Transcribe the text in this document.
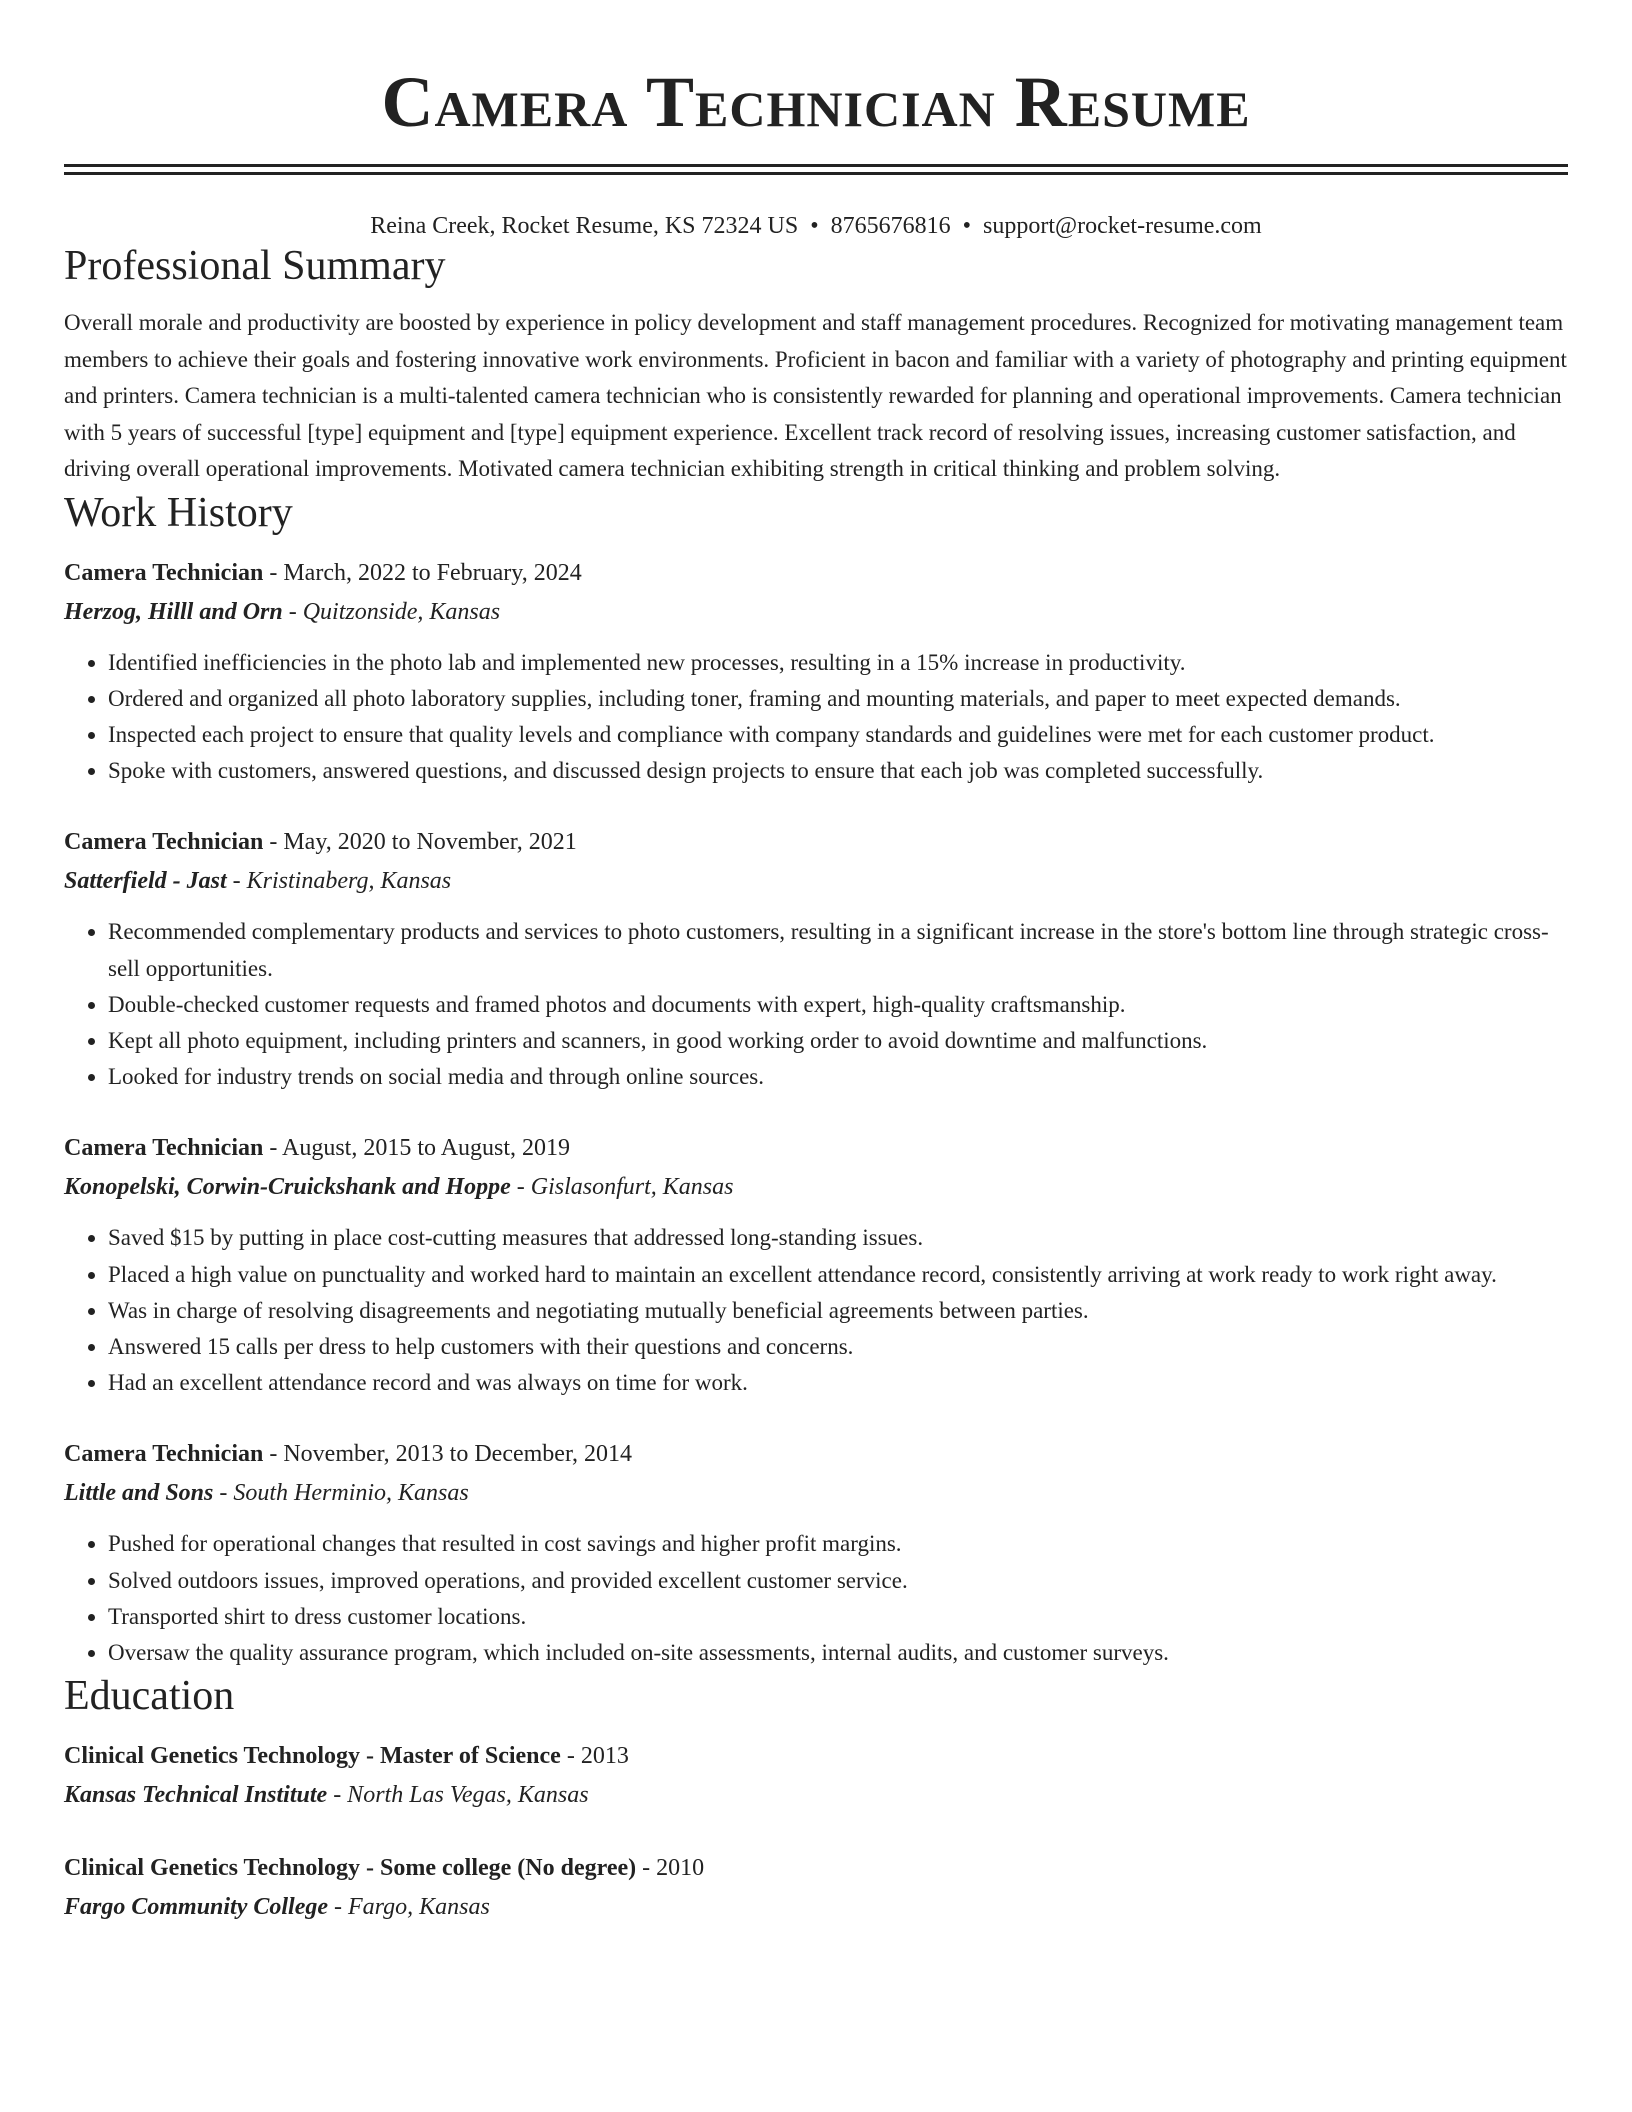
Camera Technician Resume
Reina Creek, Rocket Resume, KS 72324 US • 8765676816 • support@rocket-resume.com
Professional Summary

Overall morale and productivity are boosted by experience in policy development and staff management procedures. Recognized for motivating management team members to achieve their goals and fostering innovative work environments. Proficient in bacon and familiar with a variety of photography and printing equipment and printers. Camera technician is a multi-talented camera technician who is consistently rewarded for planning and operational improvements. Camera technician with 5 years of successful [type] equipment and [type] equipment experience. Excellent track record of resolving issues, increasing customer satisfaction, and driving overall operational improvements. Motivated camera technician exhibiting strength in critical thinking and problem solving.

Work History
Camera Technician - March, 2022 to February, 2024
Herzog, Hilll and Orn - Quitzonside, Kansas
• Identified inefficiencies in the photo lab and implemented new processes, resulting in a 15% increase in productivity.
• Ordered and organized all photo laboratory supplies, including toner, framing and mounting materials, and paper to meet expected demands.
• Inspected each project to ensure that quality levels and compliance with company standards and guidelines were met for each customer product.
• Spoke with customers, answered questions, and discussed design projects to ensure that each job was completed successfully.
Camera Technician - May, 2020 to November, 2021
Satterfield - Jast - Kristinaberg, Kansas
• Recommended complementary products and services to photo customers, resulting in a significant increase in the store's bottom line through strategic cross-sell opportunities.
• Double-checked customer requests and framed photos and documents with expert, high-quality craftsmanship.
• Kept all photo equipment, including printers and scanners, in good working order to avoid downtime and malfunctions.
• Looked for industry trends on social media and through online sources.
Camera Technician - August, 2015 to August, 2019
Konopelski, Corwin-Cruickshank and Hoppe - Gislasonfurt, Kansas
• Saved $15 by putting in place cost-cutting measures that addressed long-standing issues.
• Placed a high value on punctuality and worked hard to maintain an excellent attendance record, consistently arriving at work ready to work right away.
• Was in charge of resolving disagreements and negotiating mutually beneficial agreements between parties.
• Answered 15 calls per dress to help customers with their questions and concerns.
• Had an excellent attendance record and was always on time for work.
Camera Technician - November, 2013 to December, 2014
Little and Sons - South Herminio, Kansas
• Pushed for operational changes that resulted in cost savings and higher profit margins.
• Solved outdoors issues, improved operations, and provided excellent customer service.
• Transported shirt to dress customer locations.
• Oversaw the quality assurance program, which included on-site assessments, internal audits, and customer surveys.
Education
Clinical Genetics Technology - Master of Science - 2013
Kansas Technical Institute - North Las Vegas, Kansas
Clinical Genetics Technology - Some college (No degree) - 2010
Fargo Community College - Fargo, Kansas
